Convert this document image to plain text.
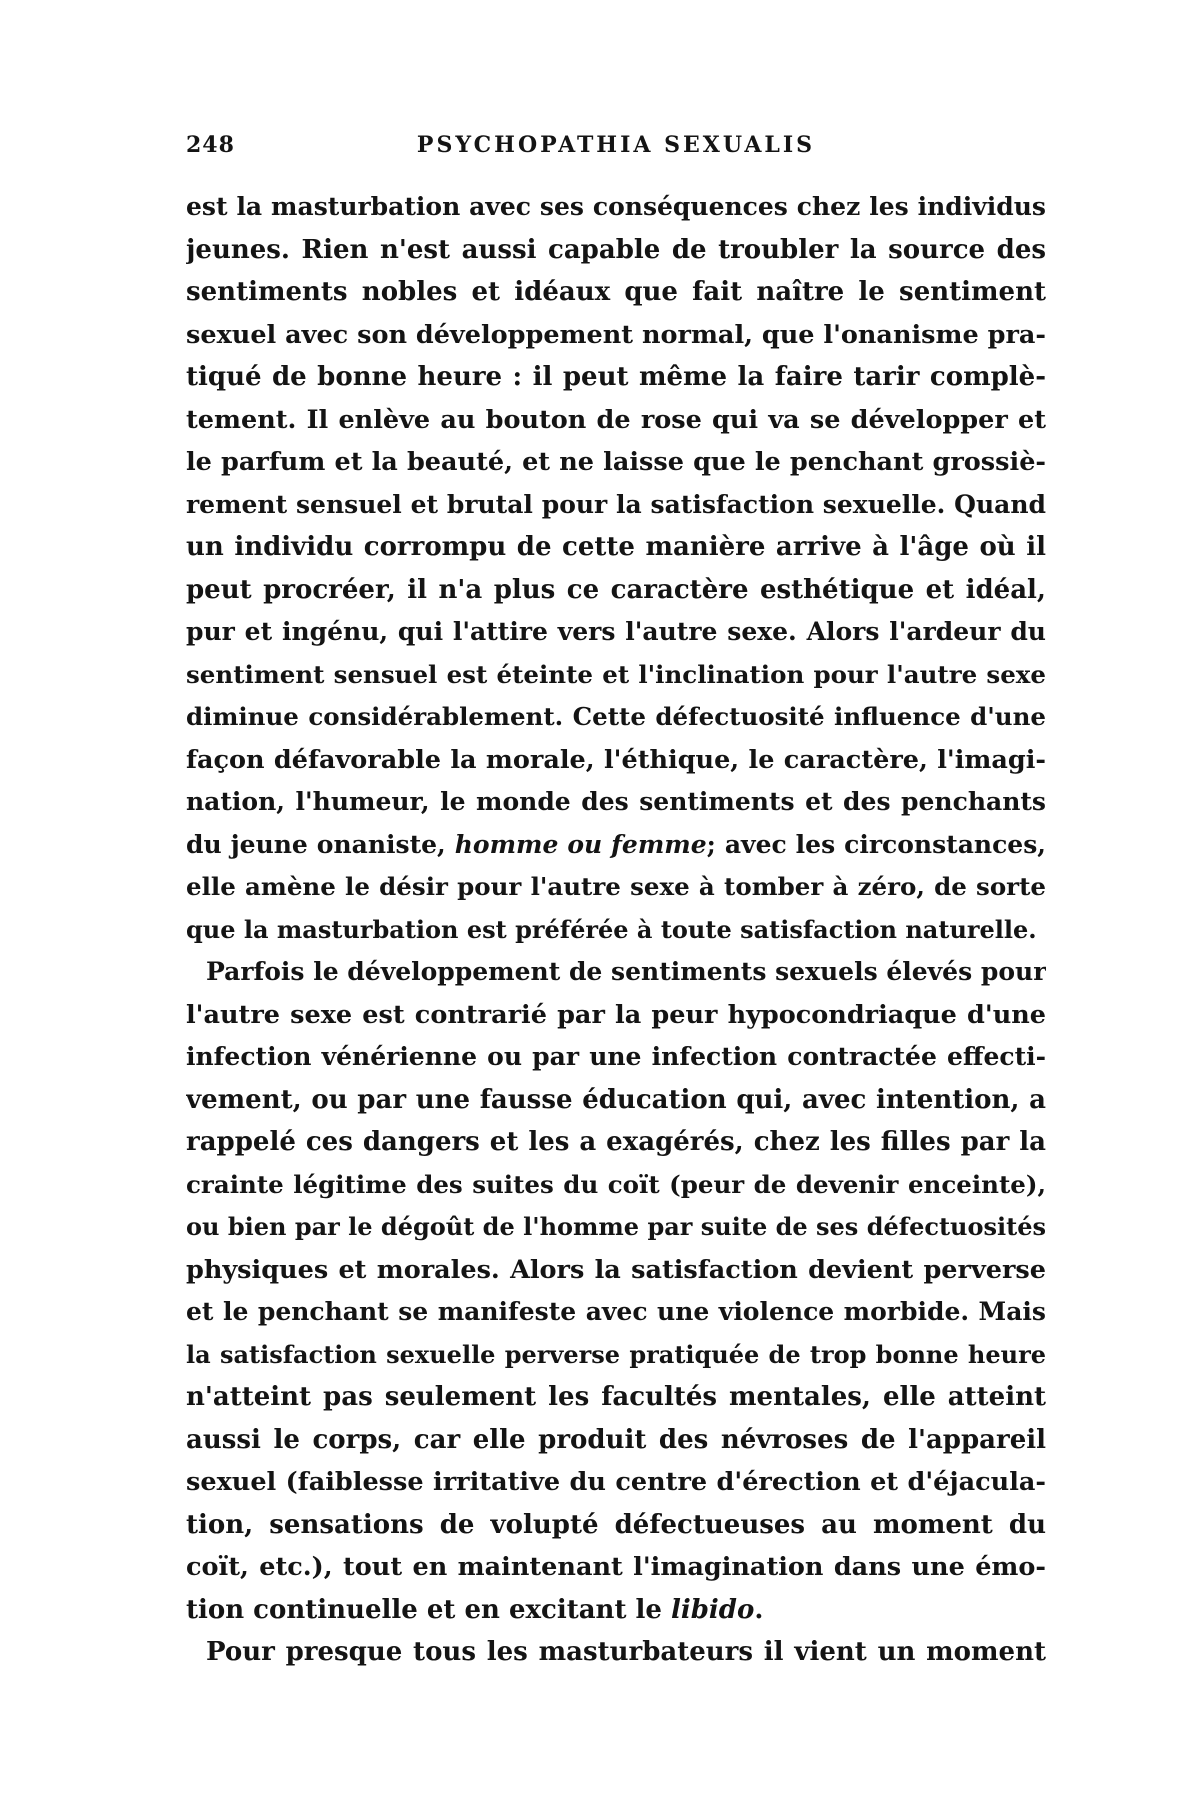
248	PSYCHOPATHIA SEXUALIS
est la masturbation avec ses conséquences chez les individus
jeunes. Rien n'est aussi capable de troubler la source des
sentiments nobles et idéaux que fait naître le sentiment
sexuel avec son développement normal, que l'onanisme pra-
tiqué de bonne heure : il peut même la faire tarir complè-
tement. Il enlève au bouton de rose qui va se développer et
le parfum et la beauté, et ne laisse que le penchant grossiè-
rement sensuel et brutal pour la satisfaction sexuelle. Quand
un individu corrompu de cette manière arrive à l'âge où il
peut procréer, il n'a plus ce caractère esthétique et idéal,
pur et ingénu, qui l'attire vers l'autre sexe. Alors l'ardeur du
sentiment sensuel est éteinte et l'inclination pour l'autre sexe
diminue considérablement. Cette défectuosité influence d'une
façon défavorable la morale, l'éthique, le caractère, l'imagi-
nation, l'humeur, le monde des sentiments et des penchants
du jeune onaniste, homme ou femme; avec les circonstances,
elle amène le désir pour l'autre sexe à tomber à zéro, de sorte
que la masturbation est préférée à toute satisfaction naturelle.
Parfois le développement de sentiments sexuels élevés pour
l'autre sexe est contrarié par la peur hypocondriaque d'une
infection vénérienne ou par une infection contractée effecti-
vement, ou par une fausse éducation qui, avec intention, a
rappelé ces dangers et les a exagérés, chez les filles par la
crainte légitime des suites du coït (peur de devenir enceinte),
ou bien par le dégoût de l'homme par suite de ses défectuosités
physiques et morales. Alors la satisfaction devient perverse
et le penchant se manifeste avec une violence morbide. Mais
la satisfaction sexuelle perverse pratiquée de trop bonne heure
n'atteint pas seulement les facultés mentales, elle atteint
aussi le corps, car elle produit des névroses de l'appareil
sexuel (faiblesse irritative du centre d'érection et d'éjacula-
tion, sensations de volupté défectueuses au moment du
coït, etc.), tout en maintenant l'imagination dans une émo-
tion continuelle et en excitant le libido.
Pour presque tous les masturbateurs il vient un moment
